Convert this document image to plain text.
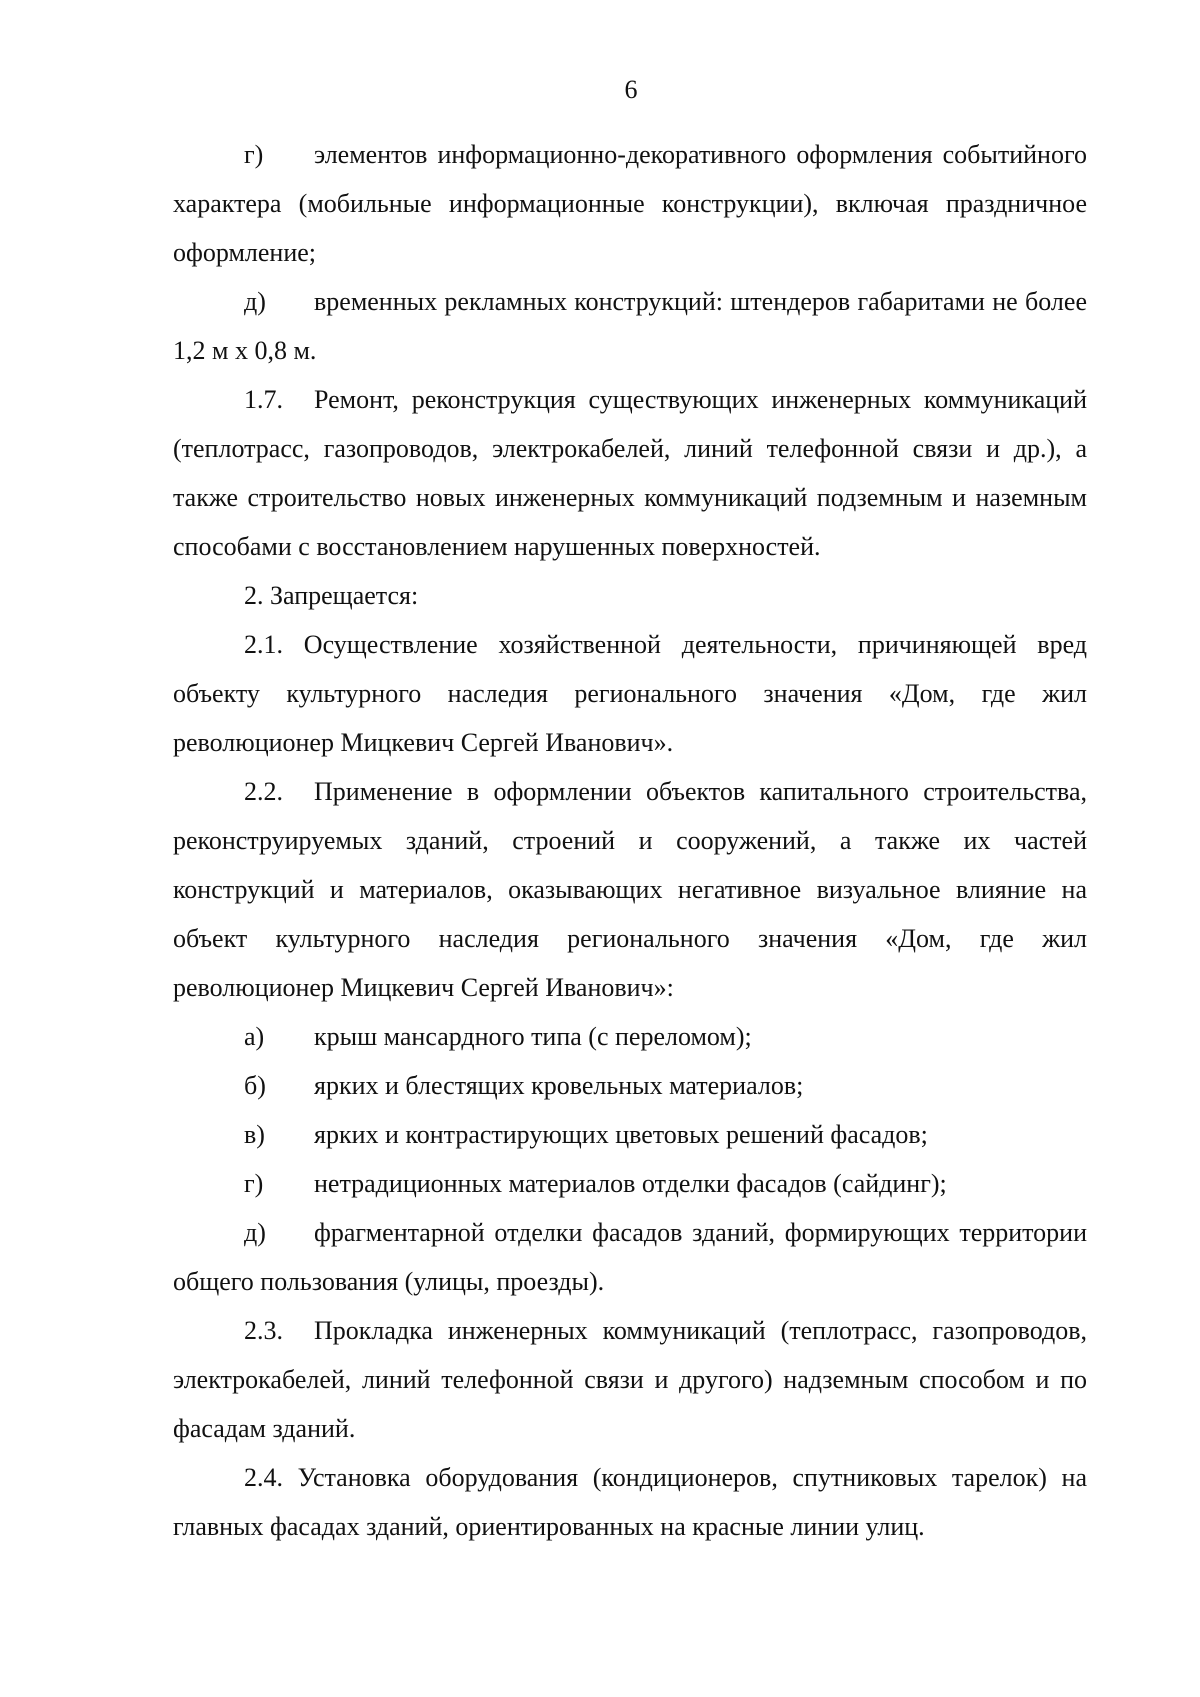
6

г) элементов информационно-декоративного оформления событийного характера (мобильные информационные конструкции), включая праздничное оформление;

д) временных рекламных конструкций: штендеров габаритами не более 1,2 м х 0,8 м.

1.7. Ремонт, реконструкция существующих инженерных коммуникаций (теплотрасс, газопроводов, электрокабелей, линий телефонной связи и др.), а также строительство новых инженерных коммуникаций подземным и наземным способами с восстановлением нарушенных поверхностей.

2. Запрещается:

2.1. Осуществление хозяйственной деятельности, причиняющей вред объекту культурного наследия регионального значения «Дом, где жил революционер Мицкевич Сергей Иванович».

2.2. Применение в оформлении объектов капитального строительства, реконструируемых зданий, строений и сооружений, а также их частей конструкций и материалов, оказывающих негативное визуальное влияние на объект культурного наследия регионального значения «Дом, где жил революционер Мицкевич Сергей Иванович»:

а) крыш мансардного типа (с переломом);

б) ярких и блестящих кровельных материалов;

в) ярких и контрастирующих цветовых решений фасадов;

г) нетрадиционных материалов отделки фасадов (сайдинг);

д) фрагментарной отделки фасадов зданий, формирующих территории общего пользования (улицы, проезды).

2.3. Прокладка инженерных коммуникаций (теплотрасс, газопроводов, электрокабелей, линий телефонной связи и другого) надземным способом и по фасадам зданий.

2.4. Установка оборудования (кондиционеров, спутниковых тарелок) на главных фасадах зданий, ориентированных на красные линии улиц.
